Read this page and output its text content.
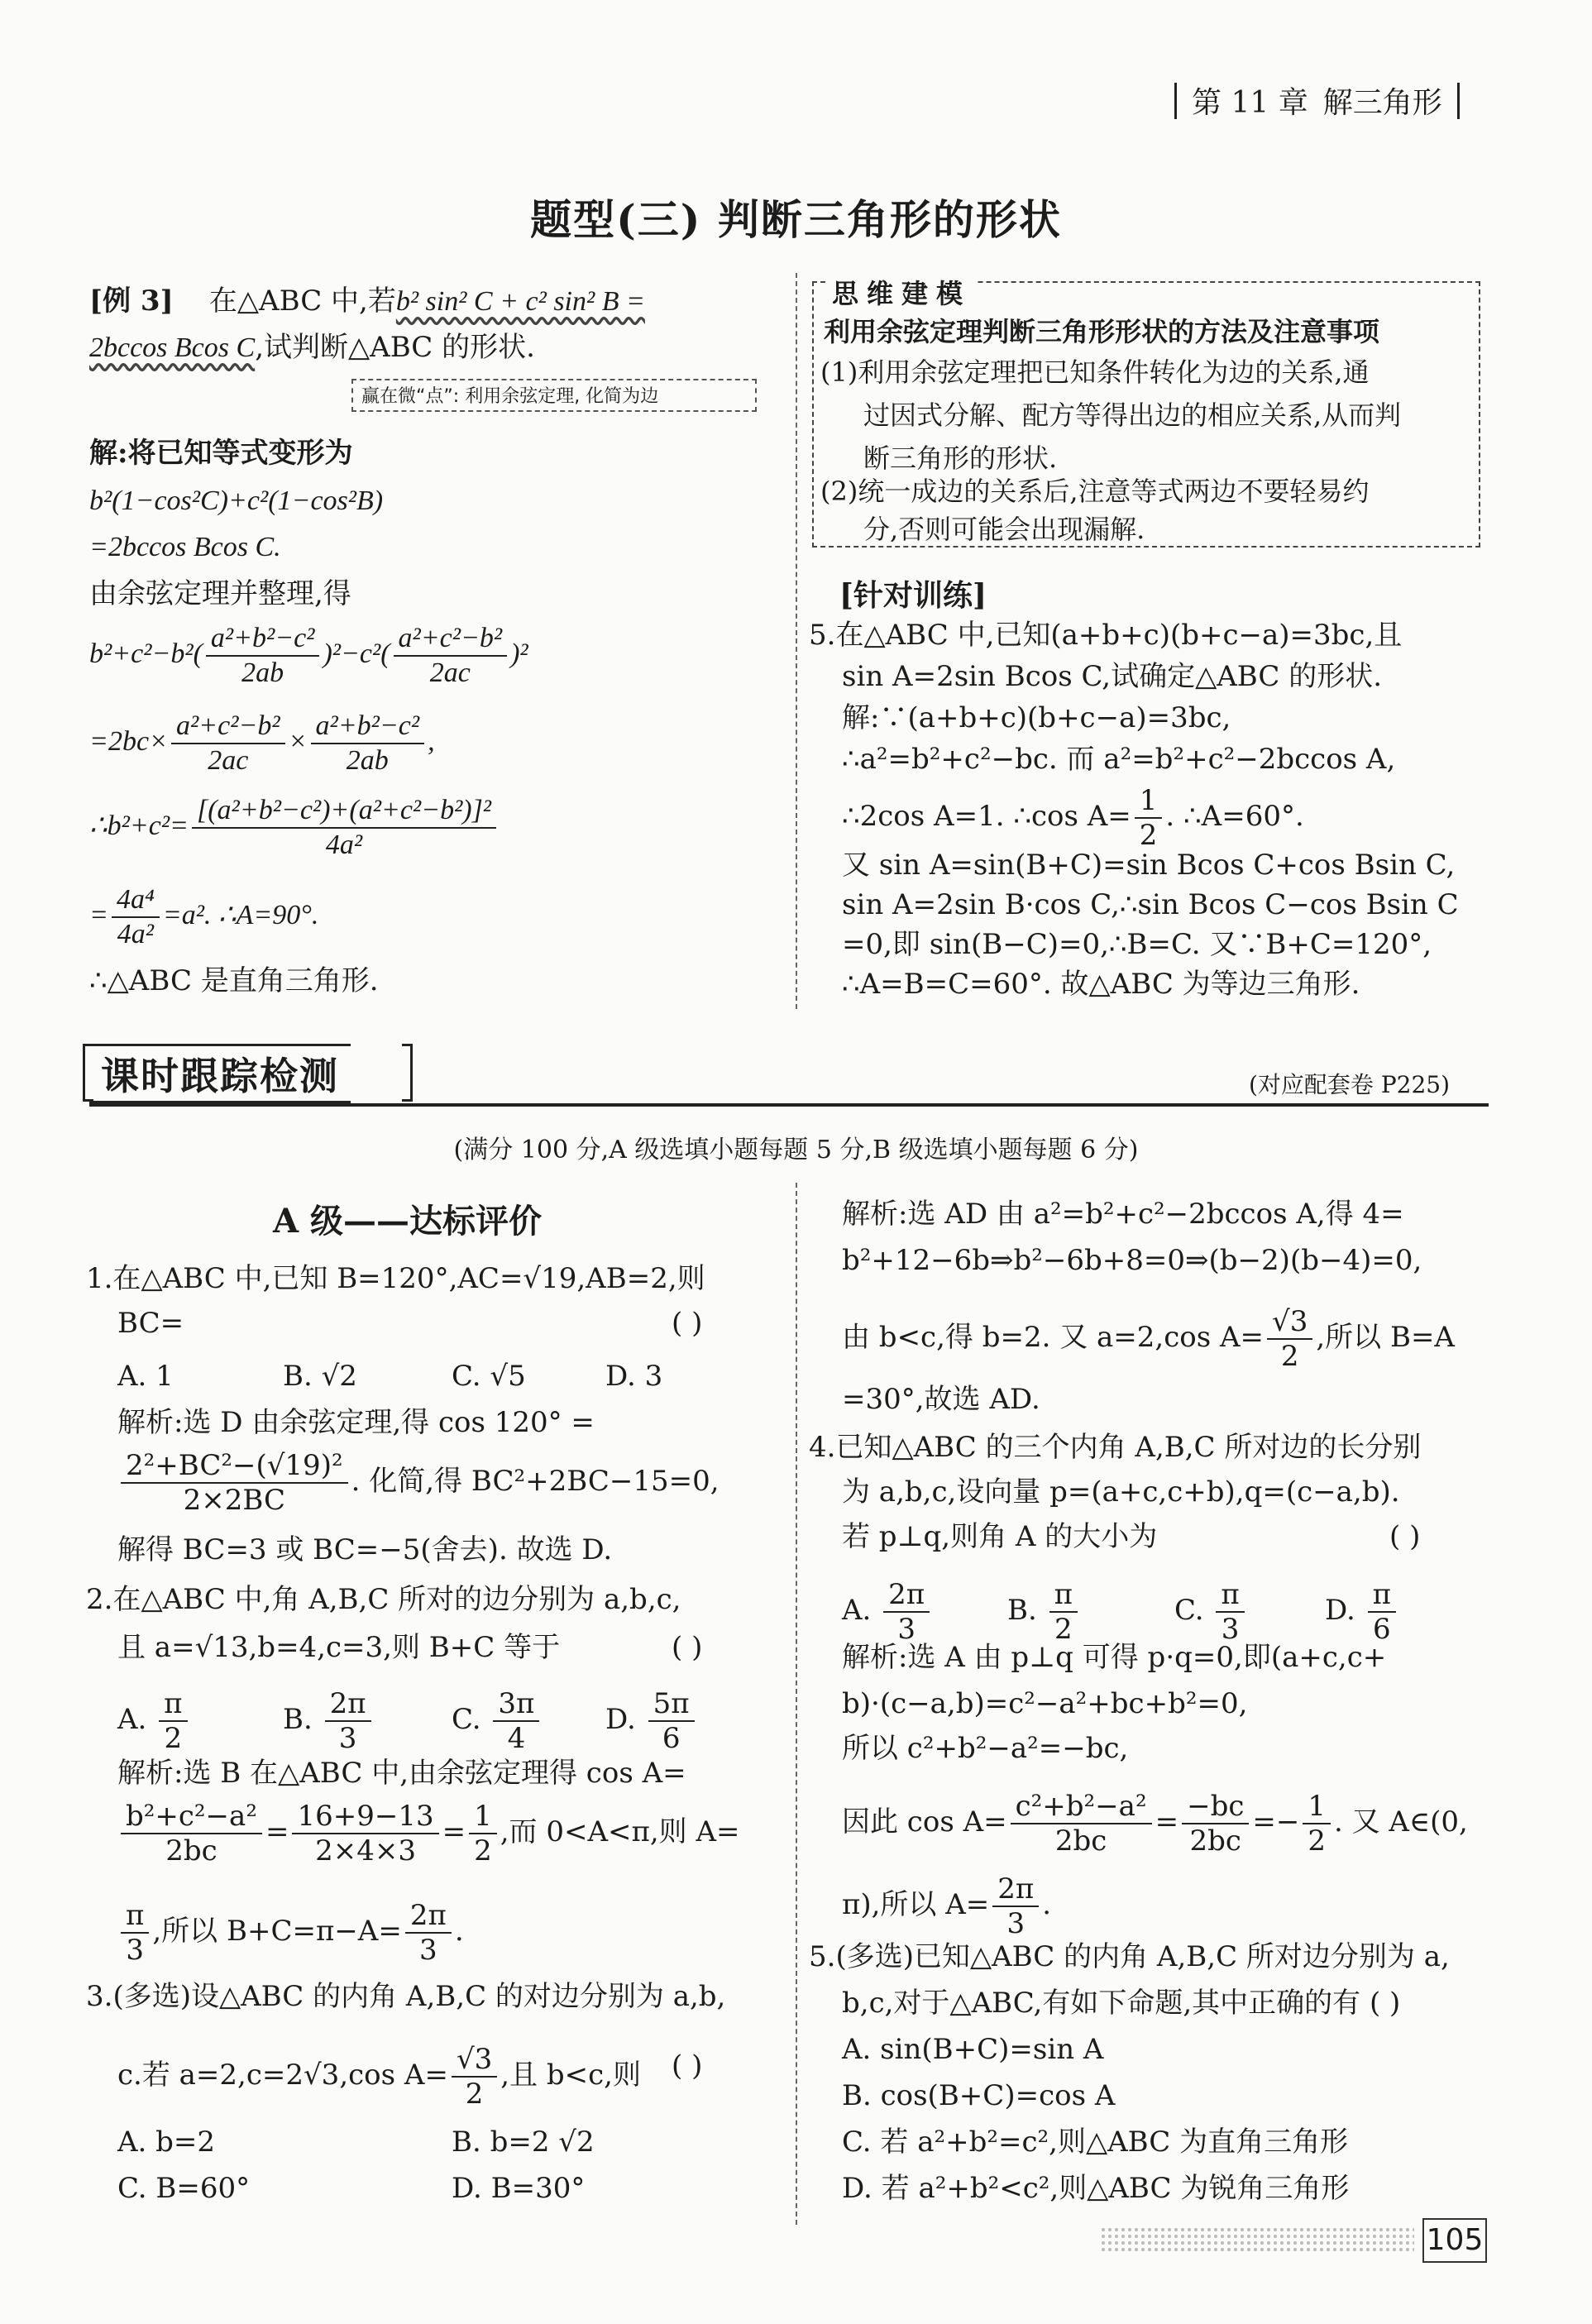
第 11 章 解三角形
题型(三) 判断三角形的形状
[例 3] 在△ABC 中,若b² sin² C + c² sin² B =
2bccos Bcos C,试判断△ABC 的形状.
赢在微“点”: 利用余弦定理, 化简为边
解:将已知等式变形为
b²(1−cos²C)+c²(1−cos²B)
=2bccos Bcos C.
由余弦定理并整理,得
$b^2+c^2-b^2( \frac{\text{a²+b²−c²}}{2ab} )^2-c^2( \frac{\text{a²+c²−b²}}{2ac} )^2$
$=2bc\times \frac{\text{a²+c²−b²}}{2ac} \times \frac{\text{a²+b²−c²}}{2ab}$ ,
∴b²+c²= $\frac{\text{[(a²+b²−c²)+(a²+c²−b²)]²}}{\text{4a²}}$
= $\frac{\text{4a⁴}}{\text{4a²}} =a^2$. ∴A=90°.
∴△ABC 是直角三角形.
思维建模
利用余弦定理判断三角形形状的方法及注意事项
(1)利用余弦定理把已知条件转化为边的关系,通
过因式分解、配方等得出边的相应关系,从而判
断三角形的形状.
(2)统一成边的关系后,注意等式两边不要轻易约
分,否则可能会出现漏解.
[针对训练]
5.在△ABC 中,已知(a+b+c)(b+c−a)=3bc,且
sin A=2sin Bcos C,试确定△ABC 的形状.
解:∵(a+b+c)(b+c−a)=3bc,
∴a²=b²+c²−bc. 而 a²=b²+c²−2bccos A,
∴2cos A=1. ∴cos $A= \frac{1}{2}$ . ∴A=60°.
又 sin A=sin(B+C)=sin Bcos C+cos Bsin C,
sin A=2sin B·cos C,∴sin Bcos C−cos Bsin C
=0,即 sin(B−C)=0,∴B=C. 又∵B+C=120°,
∴A=B=C=60°. 故△ABC 为等边三角形.
课时跟踪检测	(对应配套卷 P225)
(满分 100 分,A 级选填小题每题 5 分,B 级选填小题每题 6 分)
A 级——达标评价
1.在△ABC 中,已知 B=120°,AC=√19,AB=2,则
BC=	( )
A. 1	B. √2	C. √5	D. 3
解析:选 D 由余弦定理,得 cos 120° =
$\frac{\text{2²+BC²−(√19)²}}{2\times 2BC}$ . 化简,得 BC²+2BC−15=0,
解得 BC=3 或 BC=−5(舍去). 故选 D.
2.在△ABC 中,角 A,B,C 所对的边分别为 a,b,c,
且 a=√13,b=4,c=3,则 B+C 等于	( )
A. $\frac{\pi}{2}$	B. $\frac{2\pi}{3}$	C. $\frac{3\pi}{4} D$. $\frac{5\pi}{6}$
解析:选 B 在△ABC 中,由余弦定理得 cos A=
$\frac{\text{b²+c²−a²}}{2bc} = \frac{16+9-13}{2\times 4\times 3} = \frac{1}{2}$ ,而 0<A<π,则 A=
$\frac{\pi}{3}$ ,所以 $B+C=\pi-A= \frac{2\pi}{3}$ .
3.(多选)设△ABC 的内角 A,B,C 的对边分别为 a,b,
c.若 a=2,c=2√3,cos $A= \frac{√3}{2}$ ,且 b<c,则 ( )
A. b=2	B. b=2 √2
C. B=60°	D. B=30°
解析:选 AD 由 a²=b²+c²−2bccos A,得 4=
b²+12−6b⇒b²−6b+8=0⇒(b−2)(b−4)=0,
由 b<c,得 b=2. 又 a=2,cos $A= \frac{√3}{2}$ ,所以 B=A
=30°,故选 AD.
4.已知△ABC 的三个内角 A,B,C 所对边的长分别
为 a,b,c,设向量 p=(a+c,c+b),q=(c−a,b).
若 p⊥q,则角 A 的大小为	( )
A. $\frac{2\pi}{3}$	B. $\frac{\pi}{2}$	C. $\frac{\pi}{3}$	D. $\frac{\pi}{6}$
解析:选 A 由 p⊥q 可得 p·q=0,即(a+c,c+
b)·(c−a,b)=c²−a²+bc+b²=0,
所以 c²+b²−a²=−bc,
因此 $\cos A= \frac{\text{c²+b²−a²}}{2bc} = \frac{-bc}{2bc} =- \frac{1}{2}$ . 又 A∈(0,
π),所以 $A= \frac{2\pi}{3}$ .
5.(多选)已知△ABC 的内角 A,B,C 所对边分别为 a,
b,c,对于△ABC,有如下命题,其中正确的有 ( )
A. sin(B+C)=sin A
B. cos(B+C)=cos A
C. 若 a²+b²=c²,则△ABC 为直角三角形
D. 若 a²+b²<c²,则△ABC 为锐角三角形
105
